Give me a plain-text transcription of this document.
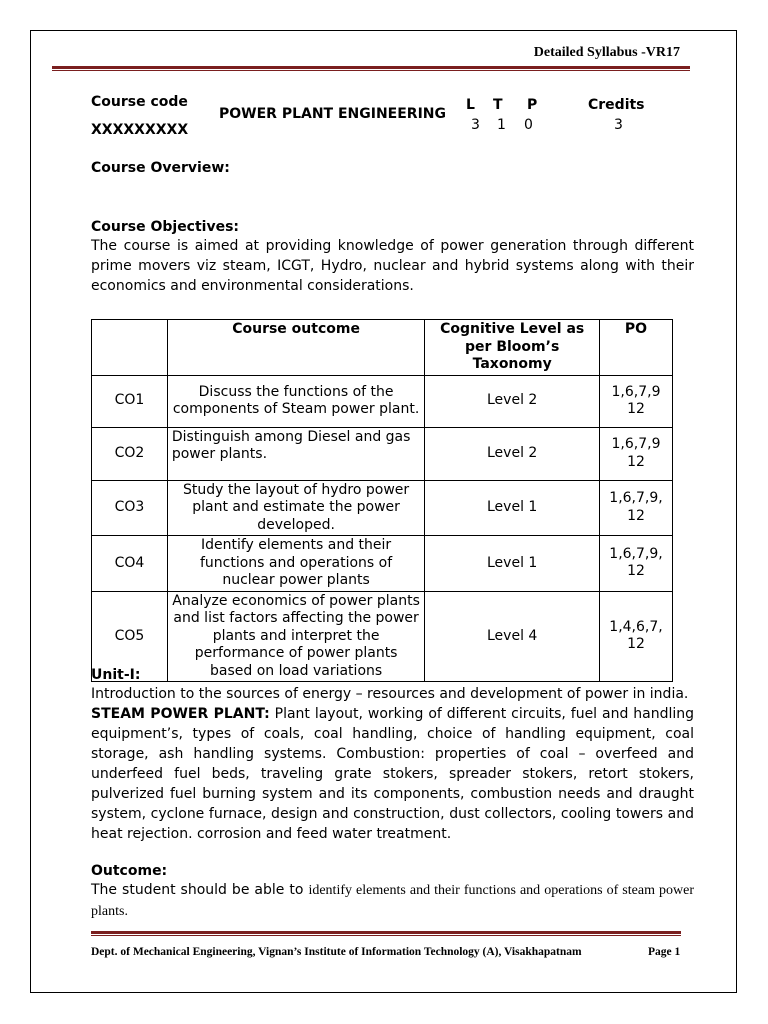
Detailed Syllabus -VR17
Course code
XXXXXXXXX
POWER PLANT ENGINEERING
L T P
3 1 0
Credits
3
Course Overview:
Course Objectives:

The course is aimed at providing knowledge of power generation through different prime movers viz steam, ICGT, Hydro, nuclear and hybrid systems along with their economics and environmental considerations.

	Course outcome	Cognitive Level as per Bloom’s Taxonomy	PO
CO1	Discuss the functions of the components of Steam power plant.	Level 2	1,6,7,9 12
CO2	Distinguish among Diesel and gas power plants.	Level 2	1,6,7,9 12
CO3	Study the layout of hydro power plant and estimate the power developed.	Level 1	1,6,7,9, 12
CO4	Identify elements and their functions and operations of nuclear power plants	Level 1	1,6,7,9, 12
CO5	Analyze economics of power plants and list factors affecting the power plants and interpret the performance of power plants based on load variations	Level 4	1,4,6,7, 12
Unit-I:

Introduction to the sources of energy – resources and development of power in india.

STEAM POWER PLANT: Plant layout, working of different circuits, fuel and handling equipment’s, types of coals, coal handling, choice of handling equipment, coal storage, ash handling systems. Combustion: properties of coal – overfeed and underfeed fuel beds, traveling grate stokers, spreader stokers, retort stokers, pulverized fuel burning system and its components, combustion needs and draught system, cyclone furnace, design and construction, dust collectors, cooling towers and heat rejection. corrosion and feed water treatment.

Outcome:

The student should be able to identify elements and their functions and operations of steam power plants.

Dept. of Mechanical Engineering, Vignan’s Institute of Information Technology (A), Visakhapatnam	Page 1
